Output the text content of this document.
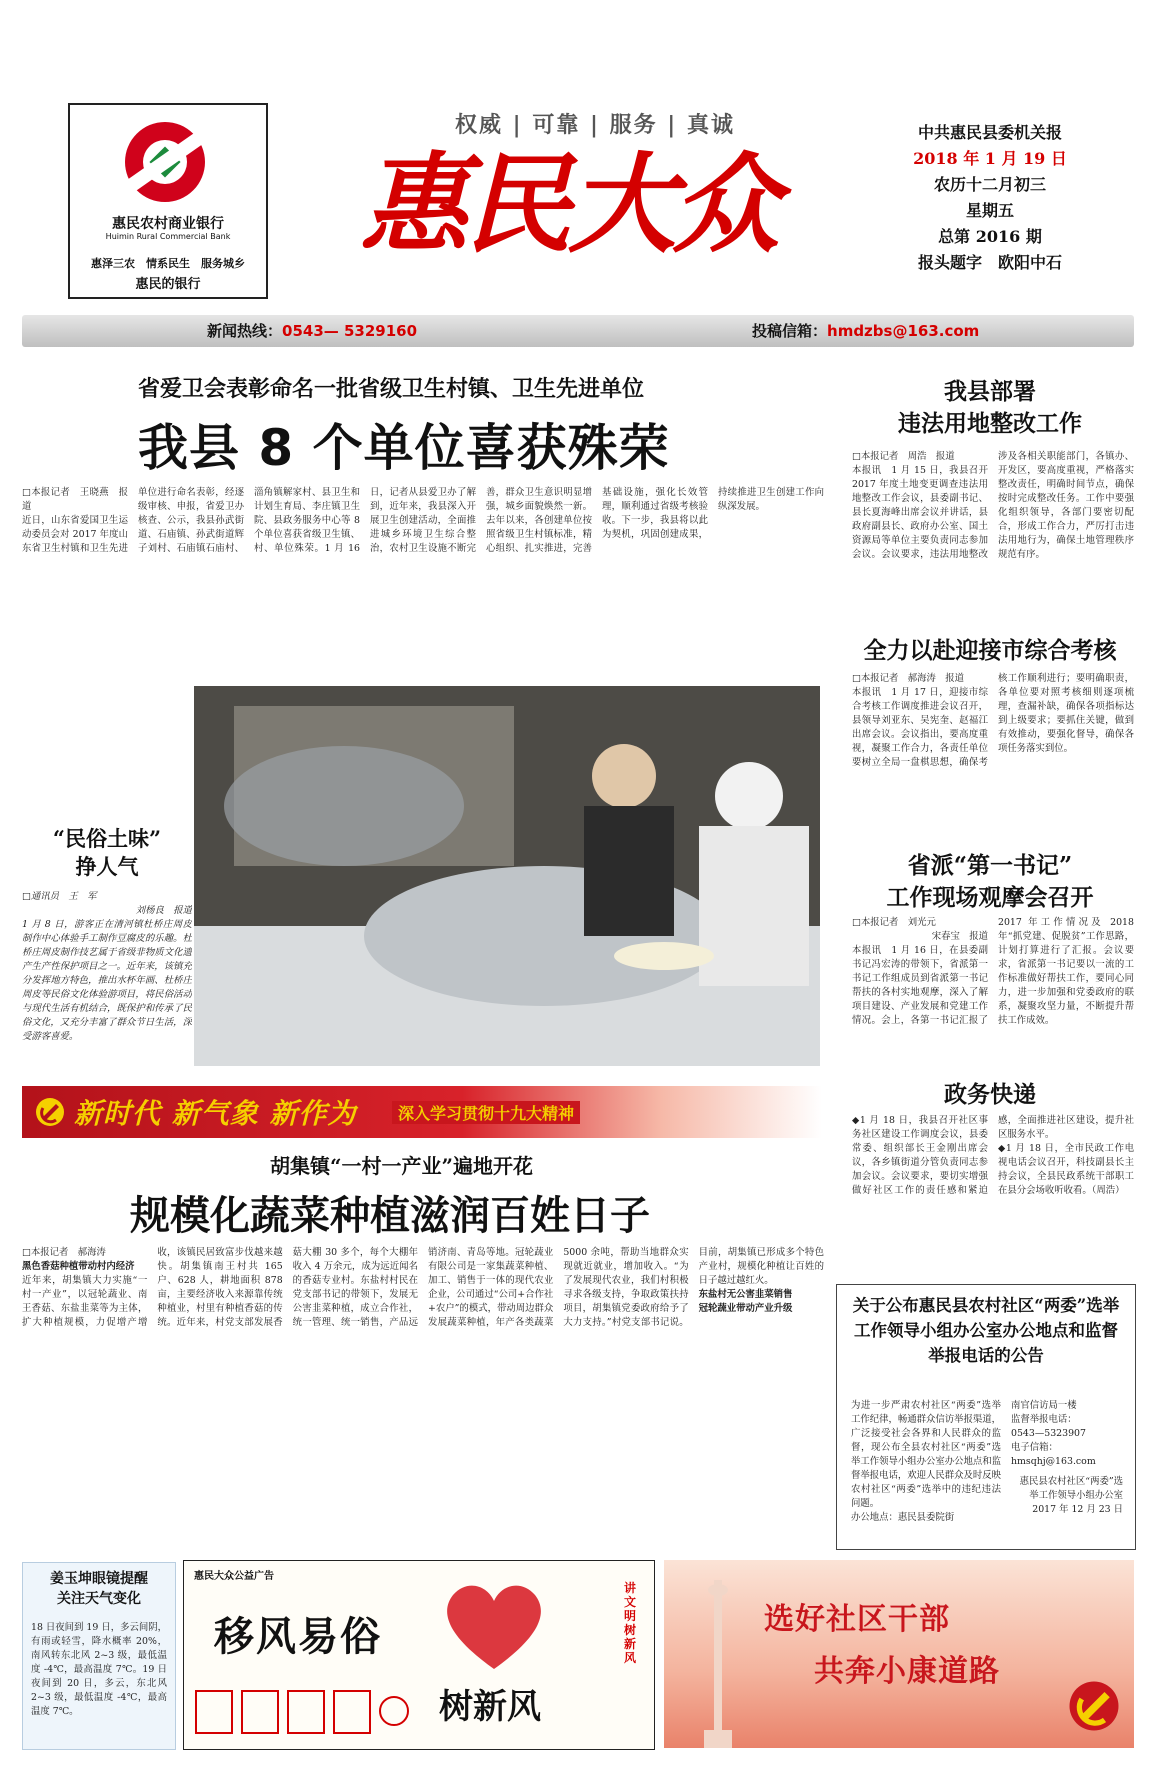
惠民农村商业银行
Huimin Rural Commercial Bank
惠泽三农　情系民生　服务城乡
惠民的银行
权威 | 可靠 | 服务 | 真诚
惠民大众
中共惠民县委机关报
2018 年 1 月 19 日
农历十二月初三
星期五
总第 2016 期
报头题字　欧阳中石
新闻热线：0543— 5329160	投稿信箱：hmdzbs@163.com
省爱卫会表彰命名一批省级卫生村镇、卫生先进单位
我县 8 个单位喜获殊荣
□本报记者　王晓燕　报道
近日，山东省爱国卫生运动委员会对 2017 年度山东省卫生村镇和卫生先进单位进行命名表彰，经逐级审核、申报，省爱卫办核查、公示，我县孙武街道、石庙镇、孙武街道辉子刘村、石庙镇石庙村、淄角镇解家村、县卫生和计划生育局、李庄镇卫生院、县政务服务中心等 8 个单位喜获省级卫生镇、村、单位殊荣。1 月 16 日，记者从县爱卫办了解到，近年来，我县深入开展卫生创建活动，全面推进城乡环境卫生综合整治，农村卫生设施不断完善，群众卫生意识明显增强，城乡面貌焕然一新。去年以来，各创建单位按照省级卫生村镇标准，精心组织、扎实推进，完善基础设施，强化长效管理，顺利通过省级考核验收。下一步，我县将以此为契机，巩固创建成果，持续推进卫生创建工作向纵深发展。
“民俗土味”
挣人气
□通讯员　王　军
刘杨良　报道
1 月 8 日，游客正在清河镇杜桥庄周皮制作中心体验手工制作豆腐皮的乐趣。杜桥庄周皮制作技艺属于省级非物质文化遗产生产性保护项目之一。近年来，该镇充分发挥地方特色，推出水杯年画、杜桥庄周皮等民俗文化体验游项目，将民俗活动与现代生活有机结合，既保护和传承了民俗文化，又充分丰富了群众节日生活，深受游客喜爱。
我县部署
违法用地整改工作
□本报记者　周浩　报道
本报讯　1 月 15 日，我县召开 2017 年度土地变更调查违法用地整改工作会议，县委副书记、县长夏海峰出席会议并讲话，县政府副县长、政府办公室、国土资源局等单位主要负责同志参加会议。会议要求，违法用地整改涉及各相关职能部门，各镇办、开发区，要高度重视，严格落实整改责任，明确时间节点，确保按时完成整改任务。工作中要强化组织领导，各部门要密切配合，形成工作合力，严厉打击违法用地行为，确保土地管理秩序规范有序。
全力以赴迎接市综合考核
□本报记者　郝海涛　报道
本报讯　1 月 17 日，迎接市综合考核工作调度推进会议召开，县领导刘亚东、吴宪奎、赵福江出席会议。会议指出，要高度重视，凝聚工作合力，各责任单位要树立全局一盘棋思想，确保考核工作顺利进行；要明确职责，各单位要对照考核细则逐项梳理，查漏补缺，确保各项指标达到上级要求；要抓住关键，做到有效推动，要强化督导，确保各项任务落实到位。
省派“第一书记”
工作现场观摩会召开
□本报记者　刘光元
宋春宝　报道
本报讯　1 月 16 日，在县委副书记冯宏涛的带领下，省派第一书记工作组成员到省派第一书记帮扶的各村实地观摩，深入了解项目建设、产业发展和党建工作情况。会上，各第一书记汇报了 2017 年工作情况及 2018 年“抓党建、促脱贫”工作思路，计划打算进行了汇报。会议要求，省派第一书记要以一流的工作标准做好帮扶工作，要同心同力，进一步加强和党委政府的联系，凝聚攻坚力量，不断提升帮扶工作成效。
政务快递
◆1 月 18 日，我县召开社区事务社区建设工作调度会议，县委常委、组织部长王金刚出席会议，各乡镇街道分管负责同志参加会议。会议要求，要切实增强做好社区工作的责任感和紧迫感，全面推进社区建设，提升社区服务水平。
◆1 月 18 日，全市民政工作电视电话会议召开，科技副县长主持会议，全县民政系统干部职工在县分会场收听收看。（周浩）
新时代 新气象 新作为	深入学习贯彻十九大精神
胡集镇“一村一产业”遍地开花
规模化蔬菜种植滋润百姓日子
□本报记者　郝海涛
黑色香菇种植带动村内经济
近年来，胡集镇大力实施“一村一产业”，以冠轮蔬业、南王香菇、东盐韭菜等为主体，扩大种植规模，力促增产增收，该镇民居致富步伐越来越快。胡集镇南王村共 165 户、628 人，耕地面积 878 亩，主要经济收入来源靠传统种植业，村里有种植香菇的传统。近年来，村党支部发展香菇大棚 30 多个，每个大棚年收入 4 万余元，成为远近闻名的香菇专业村。东盐村村民在党支部书记的带领下，发展无公害韭菜种植，成立合作社，统一管理、统一销售，产品远销济南、青岛等地。冠轮蔬业有限公司是一家集蔬菜种植、加工、销售于一体的现代农业企业，公司通过“公司+合作社+农户”的模式，带动周边群众发展蔬菜种植，年产各类蔬菜 5000 余吨，帮助当地群众实现就近就业，增加收入。“为了发展现代农业，我们村积极寻求各级支持，争取政策扶持项目，胡集镇党委政府给予了大力支持。”村党支部书记说。目前，胡集镇已形成多个特色产业村，规模化种植让百姓的日子越过越红火。
东盐村无公害韭菜销售
冠轮蔬业带动产业升级	关于公布惠民县农村社区“两委”选举工作领导小组办公室办公地点和监督举报电话的公告
为进一步严肃农村社区“两委”选举工作纪律，畅通群众信访举报渠道，广泛接受社会各界和人民群众的监督，现公布全县农村社区“两委”选举工作领导小组办公室办公地点和监督举报电话，欢迎人民群众及时反映农村社区“两委”选举中的违纪违法问题。
办公地点：惠民县委院街
南官信访局一楼
监督举报电话：
0543—5323907
电子信箱：
hmsqhj@163.com
惠民县农村社区“两委”选举工作领导小组办公室
2017 年 12 月 23 日
姜玉坤眼镜提醒
关注天气变化
18 日夜间到 19 日，多云间阴，有雨或轻雪，降水概率 20%，南风转东北风 2~3 级，最低温度 -4℃，最高温度 7℃。19 日夜间到 20 日，多云，东北风 2~3 级，最低温度 -4℃，最高温度 7℃。
惠民大众公益广告
移风易俗
树新风
讲文明 树新风
选好社区干部
共奔小康道路
